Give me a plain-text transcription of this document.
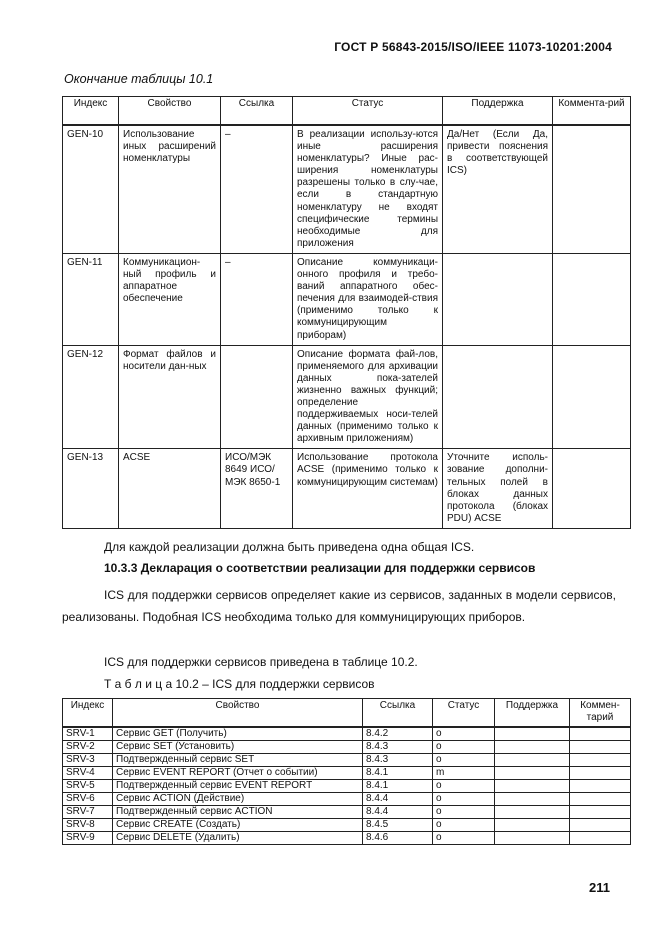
ГОСТ Р 56843-2015/ISO/IEEE 11073-10201:2004
Окончание таблицы 10.1
Индекс	Свойство	Ссылка	Статус	Поддержка	Коммента-рий
GEN-10	Использование иных расширений номенклатуры	–	В реализации использу-ются иные расширения номенклатуры? Иные рас-ширения номенклатуры разрешены только в слу-чае, если в стандартную номенклатуру не входят специфические термины необходимые для приложения	Да/Нет (Если Да, привести пояснения в соответствующей ICS)	
GEN-11	Коммуникацион-ный профиль и аппаратное обеспечение	–	Описание коммуникаци-онного профиля и требо-ваний аппаратного обес-печения для взаимодей-ствия (применимо только к коммуницирующим приборам)		
GEN-12	Формат файлов и носители дан-ных		Описание формата фай-лов, применяемого для архивации данных пока-зателей жизненно важных функций; определение поддерживаемых носи-телей данных (применимо только к архивным приложениям)		
GEN-13	ACSE	ИСО/МЭК 8649 ИСО/МЭК 8650-1	Использование протокола ACSE (применимо только к коммуницирующим системам)	Уточните исполь-зование дополни-тельных полей в блоках данных протокола (блоках PDU) ACSE	
Для каждой реализации должна быть приведена одна общая ICS.
10.3.3 Декларация о соответствии реализации для поддержки сервисов
ICS для поддержки сервисов определяет какие из сервисов, заданных в модели сервисов, реализованы. Подобная ICS необходима только для коммуницирующих приборов.
ICS для поддержки сервисов приведена в таблице 10.2.
Т а б л и ц а 10.2 – ICS для поддержки сервисов
Индекс	Свойство	Ссылка	Статус	Поддержка	Коммен-тарий
SRV-1	Сервис GET (Получить)	8.4.2	o		
SRV-2	Сервис SET (Установить)	8.4.3	o		
SRV-3	Подтвержденный сервис SET	8.4.3	o		
SRV-4	Сервис EVENT REPORT (Отчет о событии)	8.4.1	m		
SRV-5	Подтвержденный сервис EVENT REPORT	8.4.1	o		
SRV-6	Сервис ACTION (Действие)	8.4.4	o		
SRV-7	Подтвержденный сервис ACTION	8.4.4	o		
SRV-8	Сервис CREATE (Создать)	8.4.5	o		
SRV-9	Сервис DELETE (Удалить)	8.4.6	o		
211
